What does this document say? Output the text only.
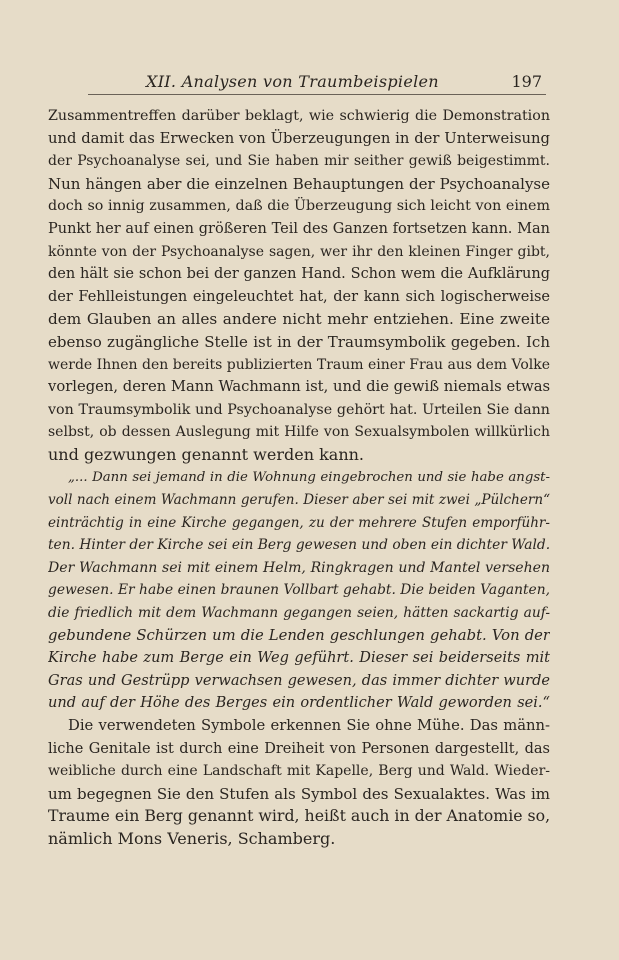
XII. Analysen von Traumbeispielen	197
Zusammentreffen darüber beklagt, wie schwierig die Demonstration
und damit das Erwecken von Überzeugungen in der Unterweisung
der Psychoanalyse sei, und Sie haben mir seither gewiß beigestimmt.
Nun hängen aber die einzelnen Behauptungen der Psychoanalyse
doch so innig zusammen, daß die Überzeugung sich leicht von einem
Punkt her auf einen größeren Teil des Ganzen fortsetzen kann. Man
könnte von der Psychoanalyse sagen, wer ihr den kleinen Finger gibt,
den hält sie schon bei der ganzen Hand. Schon wem die Aufklärung
der Fehlleistungen eingeleuchtet hat, der kann sich logischerweise
dem Glauben an alles andere nicht mehr entziehen. Eine zweite
ebenso zugängliche Stelle ist in der Traumsymbolik gegeben. Ich
werde Ihnen den bereits publizierten Traum einer Frau aus dem Volke
vorlegen, deren Mann Wachmann ist, und die gewiß niemals etwas
von Traumsymbolik und Psychoanalyse gehört hat. Urteilen Sie dann
selbst, ob dessen Auslegung mit Hilfe von Sexualsymbolen willkürlich
und gezwungen genannt werden kann.
„... Dann sei jemand in die Wohnung eingebrochen und sie habe angst-
voll nach einem Wachmann gerufen. Dieser aber sei mit zwei „Pülchern“
einträchtig in eine Kirche gegangen, zu der mehrere Stufen emporführ-
ten. Hinter der Kirche sei ein Berg gewesen und oben ein dichter Wald.
Der Wachmann sei mit einem Helm, Ringkragen und Mantel versehen
gewesen. Er habe einen braunen Vollbart gehabt. Die beiden Vaganten,
die friedlich mit dem Wachmann gegangen seien, hätten sackartig auf-
gebundene Schürzen um die Lenden geschlungen gehabt. Von der
Kirche habe zum Berge ein Weg geführt. Dieser sei beiderseits mit
Gras und Gestrüpp verwachsen gewesen, das immer dichter wurde
und auf der Höhe des Berges ein ordentlicher Wald geworden sei.“
Die verwendeten Symbole erkennen Sie ohne Mühe. Das männ-
liche Genitale ist durch eine Dreiheit von Personen dargestellt, das
weibliche durch eine Landschaft mit Kapelle, Berg und Wald. Wieder-
um begegnen Sie den Stufen als Symbol des Sexualaktes. Was im
Traume ein Berg genannt wird, heißt auch in der Anatomie so,
nämlich Mons Veneris, Schamberg.
